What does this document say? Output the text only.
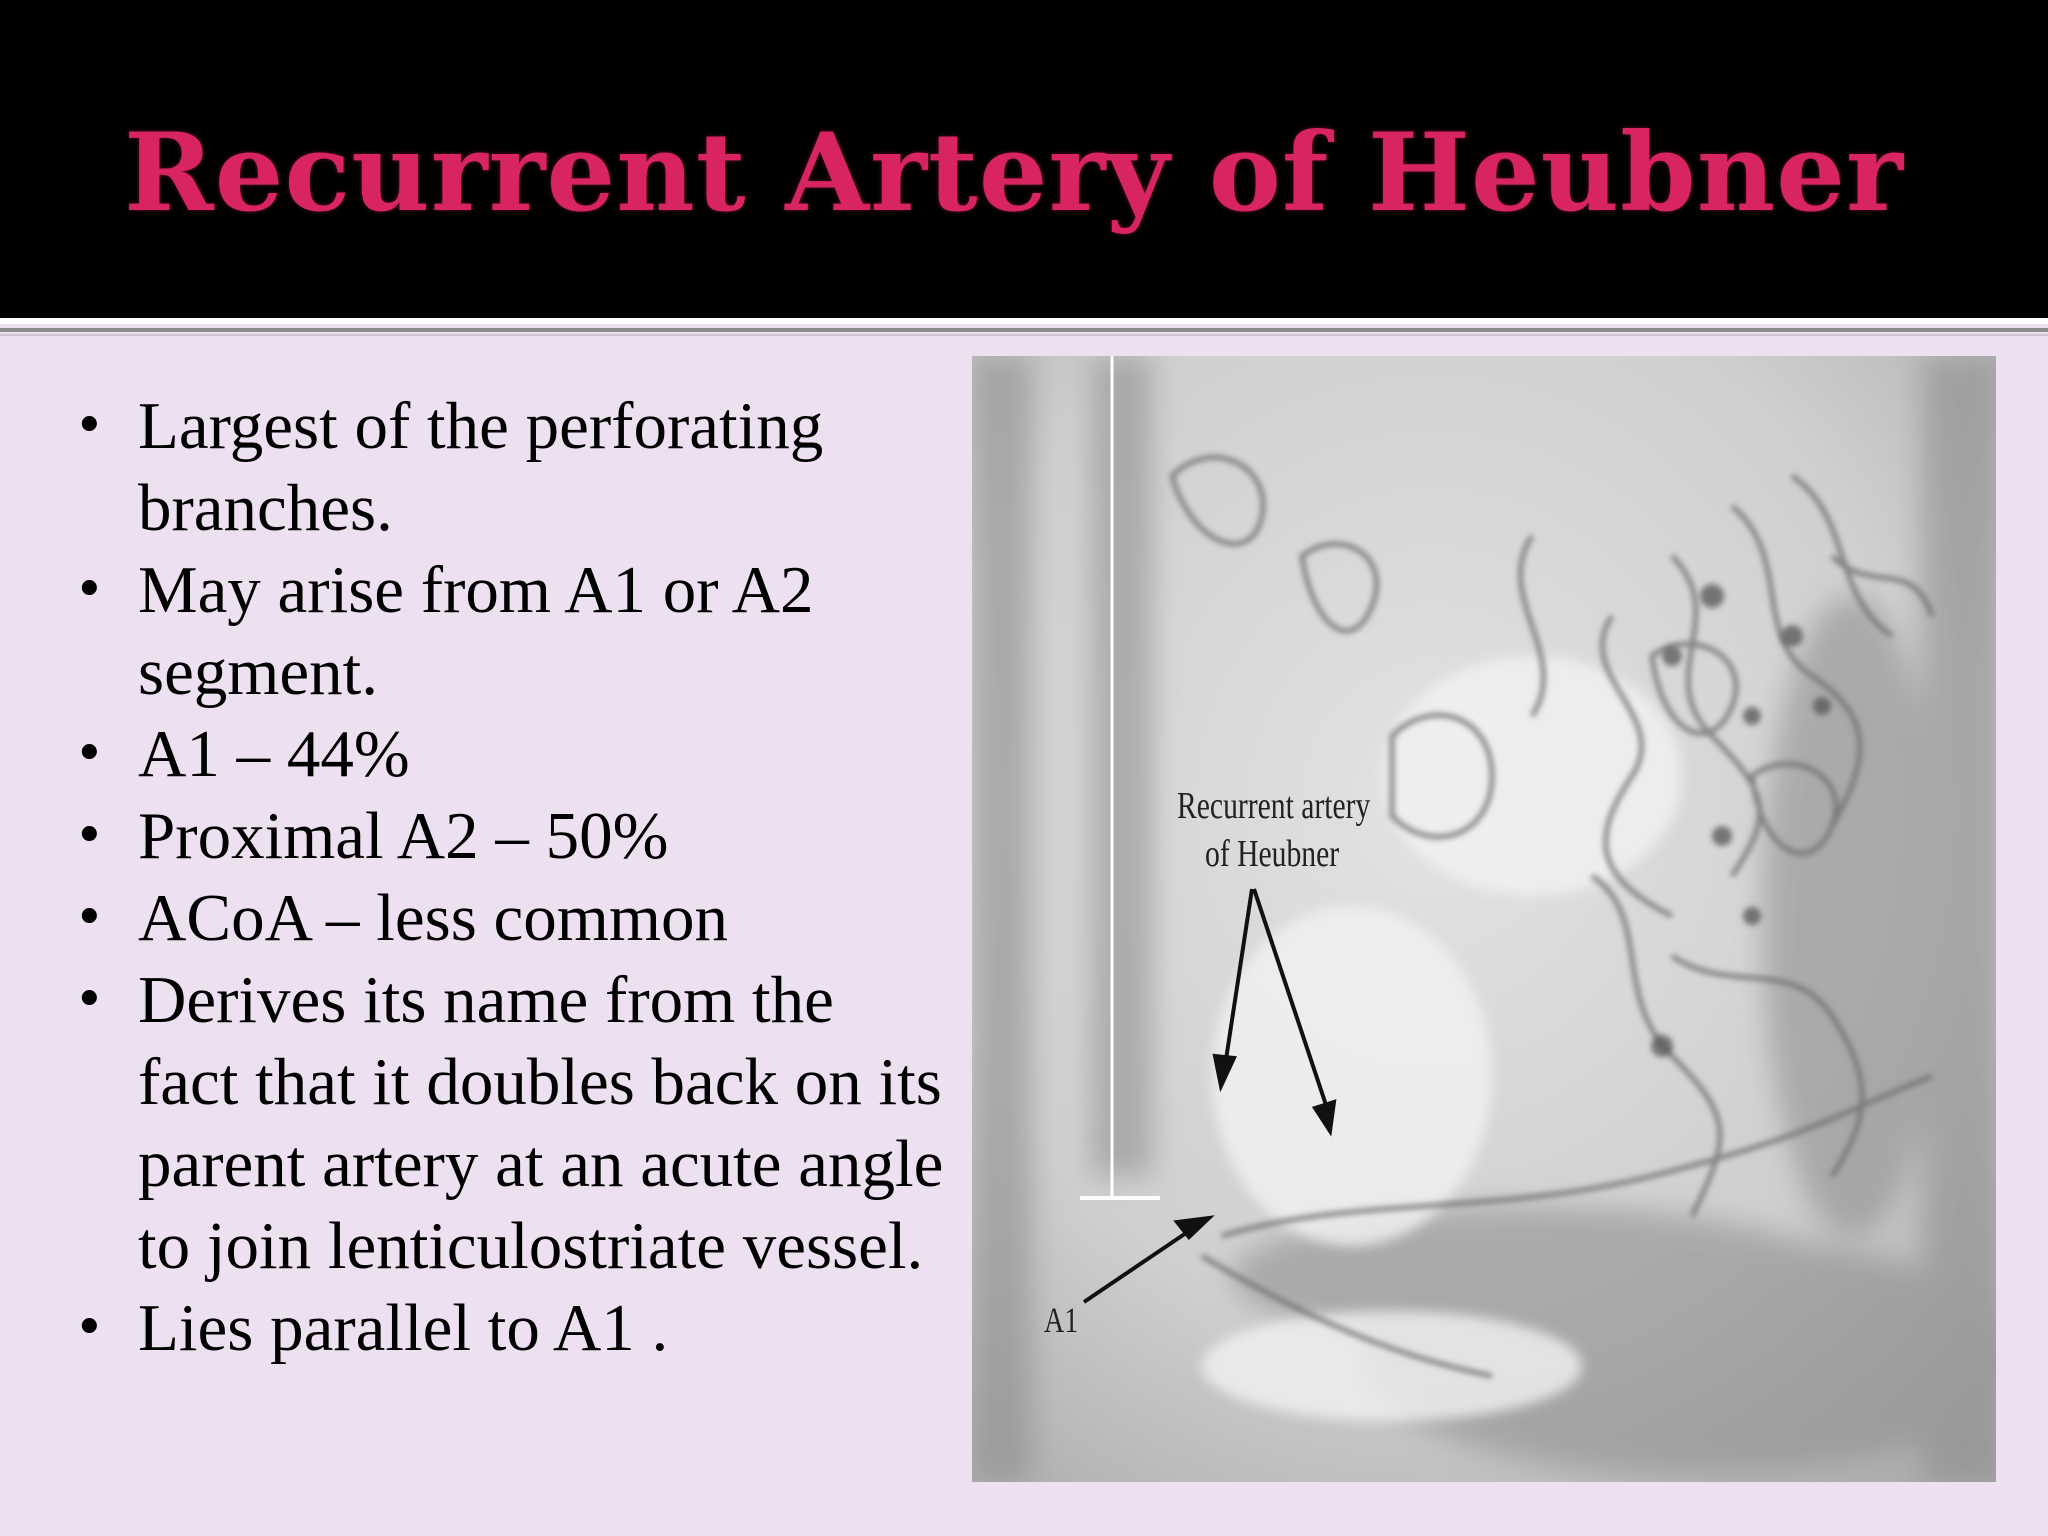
Recurrent Artery of Heubner
• Largest of the perforating branches.
• May arise from A1 or A2 segment.
• A1 – 44%
• Proximal A2 – 50%
• ACoA – less common
• Derives its name from the fact that it doubles back on its parent artery at an acute angle to join lenticulostriate vessel.
• Lies parallel to A1 .
Recurrent artery
of Heubner
A1
